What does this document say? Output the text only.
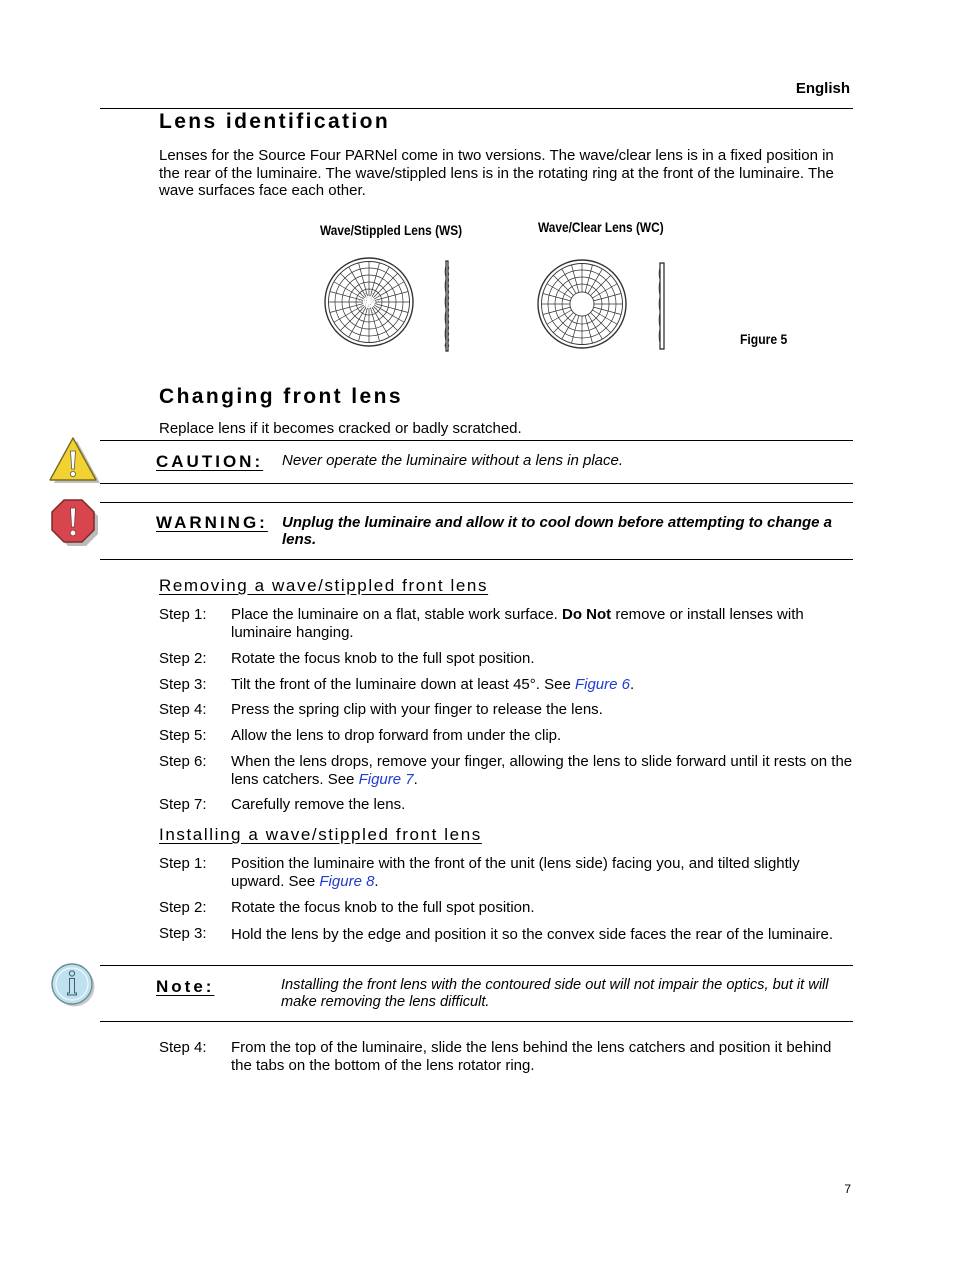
English
Lens identification
Lenses for the Source Four PARNel come in two versions. The wave/clear lens is in a fixed position in the rear of the luminaire. The wave/stippled lens is in the rotating ring at the front of the luminaire. The wave surfaces face each other.
Wave/Stippled Lens (WS)	Wave/Clear Lens (WC)
Figure 5
Changing front lens
Replace lens if it becomes cracked or badly scratched.
CAUTION: Never operate the luminaire without a lens in place.
WARNING: Unplug the luminaire and allow it to cool down before attempting to change a lens.
Removing a wave/stippled front lens
Step 1: Place the luminaire on a flat, stable work surface. Do Not remove or install lenses with luminaire hanging.
Step 2: Rotate the focus knob to the full spot position.
Step 3: Tilt the front of the luminaire down at least 45°. See Figure 6.
Step 4: Press the spring clip with your finger to release the lens.
Step 5: Allow the lens to drop forward from under the clip.
Step 6: When the lens drops, remove your finger, allowing the lens to slide forward until it rests on the lens catchers. See Figure 7.
Step 7: Carefully remove the lens.
Installing a wave/stippled front lens
Step 1: Position the luminaire with the front of the unit (lens side) facing you, and tilted slightly upward. See Figure 8.
Step 2: Rotate the focus knob to the full spot position.
Step 3: Hold the lens by the edge and position it so the convex side faces the rear of the luminaire.
Note:	Installing the front lens with the contoured side out will not impair the optics, but it will make removing the lens difficult.
Step 4: From the top of the luminaire, slide the lens behind the lens catchers and position it behind the tabs on the bottom of the lens rotator ring.
7
